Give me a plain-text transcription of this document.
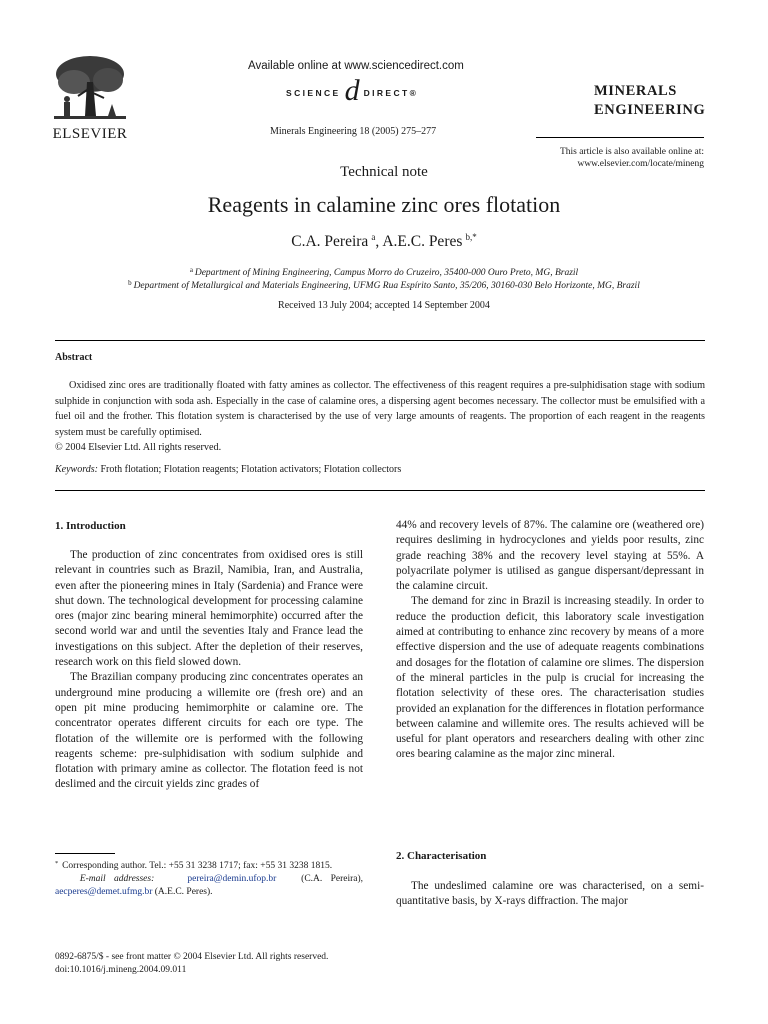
ELSEVIER
Available online at www.sciencedirect.com
SCIENCE d DIRECT®
Minerals Engineering 18 (2005) 275–277
MINERALS
ENGINEERING
This article is also available online at:
www.elsevier.com/locate/mineng
Technical note
Reagents in calamine zinc ores flotation
C.A. Pereira  $^a$, A.E.C. Peres  $^{b,*}$
$^a$  Department of Mining Engineering, Campus Morro do Cruzeiro, 35400-000 Ouro Preto, MG, Brazil
$^b$  Department of Metallurgical and Materials Engineering, UFMG Rua Espírito Santo, 35/206, 30160-030 Belo Horizonte, MG, Brazil
Received 13 July 2004; accepted 14 September 2004
Abstract

Oxidised zinc ores are traditionally floated with fatty amines as collector. The effectiveness of this reagent requires a pre-sulphidisation stage with sodium sulphide in conjunction with soda ash. Especially in the case of calamine ores, a dispersing agent becomes necessary. The collector must be emulsified with a fuel oil and the frother. This flotation system is characterised by the use of very large amounts of reagents. The proportion of each reagent in the reagents system must be carefully optimised.

© 2004 Elsevier Ltd. All rights reserved.

Keywords: Froth flotation; Flotation reagents; Flotation activators; Flotation collectors
1. Introduction

The production of zinc concentrates from oxidised ores is still relevant in countries such as Brazil, Namibia, Iran, and Australia, even after the pioneering mines in Italy (Sardenia) and France were shut down. The technological development for processing calamine ores (major zinc bearing mineral hemimorphite) occurred after the second world war and until the seventies Italy and France lead the investigations on this subject. After the depletion of their reserves, research work on this field slowed down.

The Brazilian company producing zinc concentrates operates an underground mine producing a willemite ore (fresh ore) and an open pit mine producing hemimorphite or calamine ore. The concentrator operates different circuits for each ore type. The flotation of the willemite ore is performed with the following reagents scheme: pre-sulphidisation with sodium sulphide and flotation with primary amine as collector. The flotation feed is not deslimed and the circuit yields zinc grades of

*   Corresponding author. Tel.: +55 31 3238 1717; fax: +55 31 3238 1815.

E-mail addresses:	pereira@demin.ufop.br	(C.A. Pereira), aecperes@demet.ufmg.br (A.E.C. Peres).

0892-6875/$ - see front matter © 2004 Elsevier Ltd. All rights reserved.
doi:10.1016/j.mineng.2004.09.011

44% and recovery levels of 87%. The calamine ore (weathered ore) requires desliming in hydrocyclones and yields poor results, zinc grade reaching 38% and the recovery level staying at 55%. A polyacrilate polymer is utilised as gangue dispersant/depressant in the calamine circuit.

The demand for zinc in Brazil is increasing steadily. In order to reduce the production deficit, this laboratory scale investigation aimed at contributing to enhance zinc recovery by means of a more effective dispersion and the use of adequate reagents combinations and dosages for the flotation of calamine ore slimes. The dispersion of the mineral particles in the pulp is crucial for increasing the flotation selectivity of these ores. The characterisation studies provided an explanation for the differences in flotation performance between calamine and willemite ores. The results achieved will be useful for plant operators and researchers dealing with other zinc ores bearing calamine as the major zinc mineral.

2. Characterisation

The undeslimed calamine ore was characterised, on a semi-quantitative basis, by X-rays diffraction. The major
